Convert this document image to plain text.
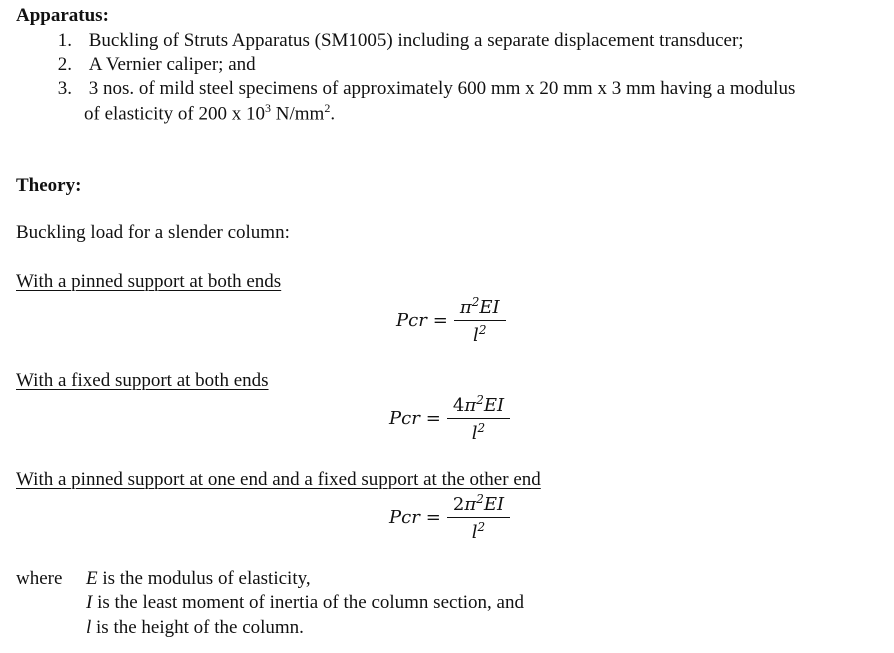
Apparatus:
1. Buckling of Struts Apparatus (SM1005) including a separate displacement transducer;
2. A Vernier caliper; and
3. 3 nos. of mild steel specimens of approximately 600 mm x 20 mm x 3 mm having a modulus
of elasticity of 200 x $10^3$ $N/mm^2$.
Theory:
Buckling load for a slender column:
With a pinned support at both ends
Pcr = $\frac{\pi^2EI}{l^2}$
With a fixed support at both ends
Pcr = $\frac{4\pi^2EI}{l^2}$
With a pinned support at one end and a fixed support at the other end
Pcr = $\frac{2\pi^2EI}{l^2}$
where E is the modulus of elasticity,
I is the least moment of inertia of the column section, and
l is the height of the column.
